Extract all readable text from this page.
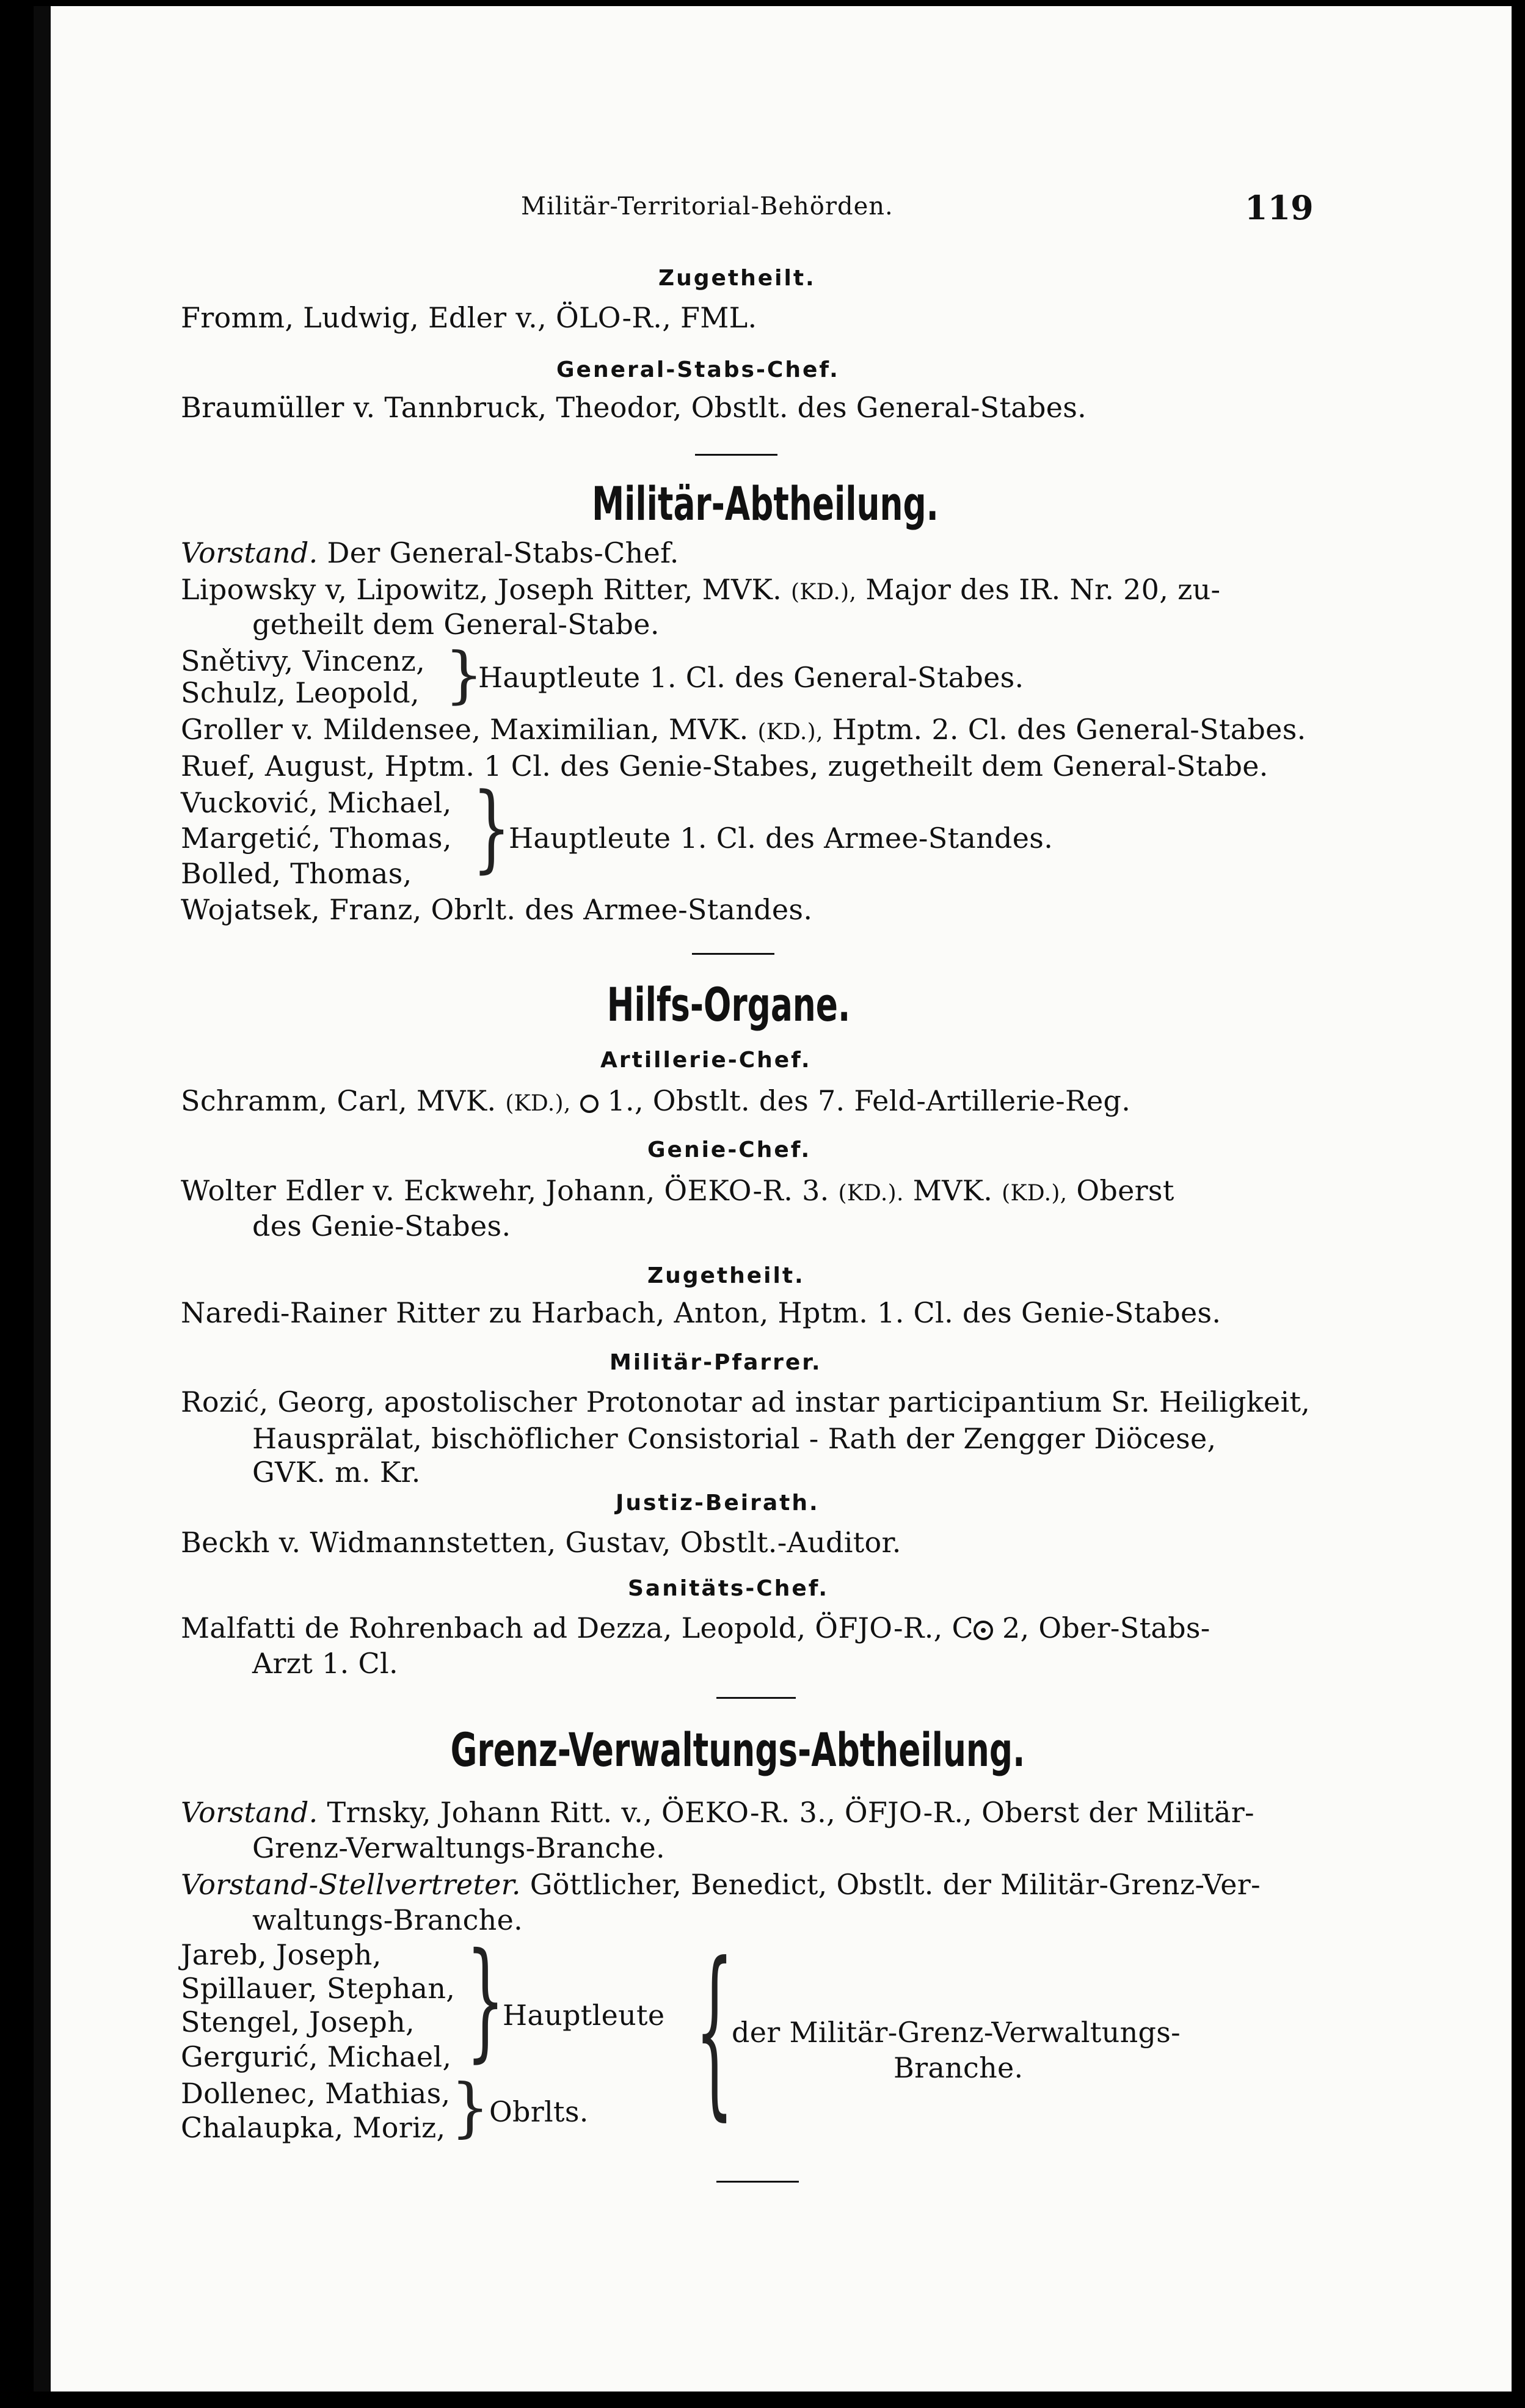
Militär-Territorial-Behörden.	119
Zugetheilt.
Fromm, Ludwig, Edler v., ÖLO-R., FML.
General-Stabs-Chef.
Braumüller v. Tannbruck, Theodor, Obstlt. des General-Stabes.
Militär-Abtheilung.
Vorstand. Der General-Stabs-Chef.
Lipowsky v, Lipowitz, Joseph Ritter, MVK. (KD.), Major des IR. Nr. 20, zu-
getheilt dem General-Stabe.
Snětivy, Vincenz,
Schulz, Leopold, }
Hauptleute 1. Cl. des General-Stabes.
Groller v. Mildensee, Maximilian, MVK. (KD.), Hptm. 2. Cl. des General-Stabes.
Ruef, August, Hptm. 1 Cl. des Genie-Stabes, zugetheilt dem General-Stabe.
Vucković, Michael,
Margetić, Thomas,
Bolled, Thomas, }
Hauptleute 1. Cl. des Armee-Standes.
Wojatsek, Franz, Obrlt. des Armee-Standes.
Hilfs-Organe.
Artillerie-Chef.
Schramm, Carl, MVK. (KD.), 1., Obstlt. des 7. Feld-Artillerie-Reg.
Genie-Chef.
Wolter Edler v. Eckwehr, Johann, ÖEKO-R. 3. (KD.). MVK. (KD.), Oberst
des Genie-Stabes.
Zugetheilt.
Naredi-Rainer Ritter zu Harbach, Anton, Hptm. 1. Cl. des Genie-Stabes.
Militär-Pfarrer.
Rozić, Georg, apostolischer Protonotar ad instar participantium Sr. Heiligkeit,
Hausprälat, bischöflicher Consistorial - Rath der Zengger Diöcese,
GVK. m. Kr.
Justiz-Beirath.
Beckh v. Widmannstetten, Gustav, Obstlt.-Auditor.
Sanitäts-Chef.
Malfatti de Rohrenbach ad Dezza, Leopold, ÖFJO-R., C 2, Ober-Stabs-
Arzt 1. Cl.
Grenz-Verwaltungs-Abtheilung.
Vorstand. Trnsky, Johann Ritt. v., ÖEKO-R. 3., ÖFJO-R., Oberst der Militär-
Grenz-Verwaltungs-Branche.
Vorstand-Stellvertreter. Göttlicher, Benedict, Obstlt. der Militär-Grenz-Ver-
waltungs-Branche.
Jareb, Joseph,
Spillauer, Stephan,
Stengel, Joseph,
Gergurić, Michael, }
Hauptleute
Dollenec, Mathias,
Chalaupka, Moriz, } Obrlts. {
der Militär-Grenz-Verwaltungs-
Branche.
